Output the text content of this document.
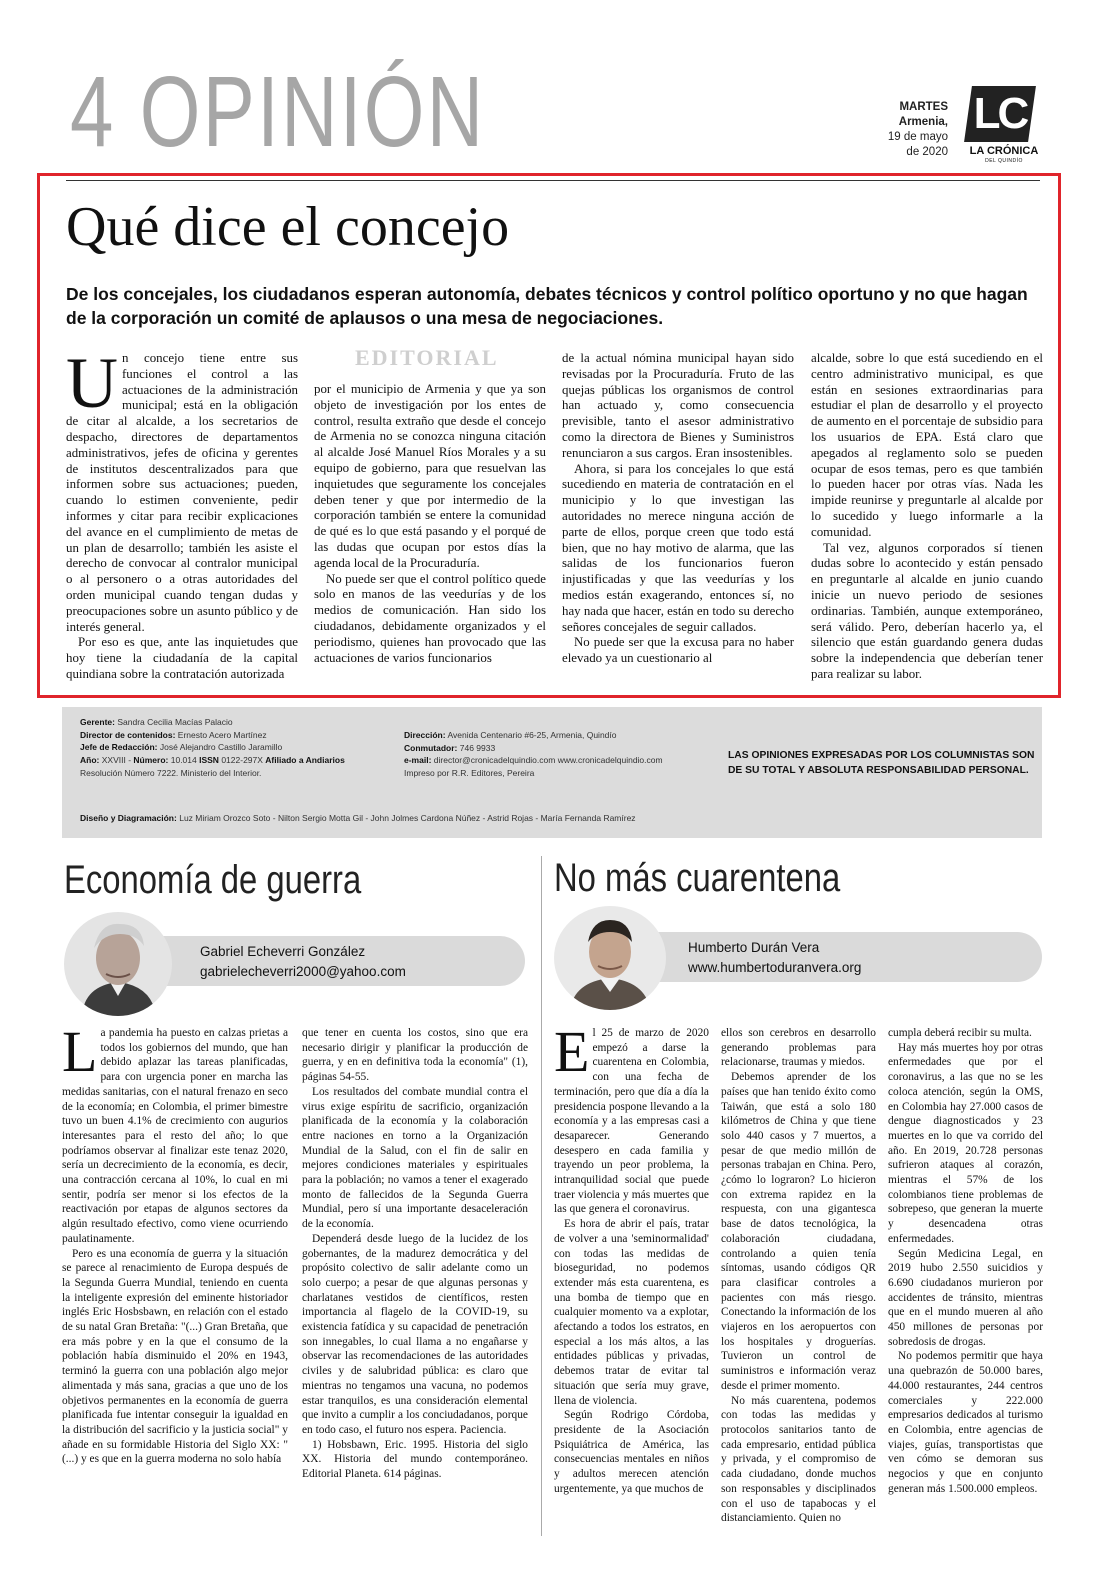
4 OPINIÓN	MARTES
Armenia,
19 de mayo
de 2020
LC
LA CRÓNICA
DEL QUINDÍO
Qué dice el concejo
De los concejales, los ciudadanos esperan autonomía, debates técnicos y control político oportuno y no que hagan de la corporación un comité de aplausos o una mesa de negociaciones.
EDITORIAL

Un concejo tiene entre sus funciones el control a las actuaciones de la administración municipal; está en la obligación de citar al alcalde, a los secretarios de despacho, directores de departamentos administrativos, jefes de oficina y gerentes de institutos descentralizados para que informen sobre sus actuaciones; pueden, cuando lo estimen conveniente, pedir informes y citar para recibir explicaciones del avance en el cumplimiento de metas de un plan de desarrollo; también les asiste el derecho de convocar al contralor municipal o al personero o a otras autoridades del orden municipal cuando tengan dudas y preocupaciones sobre un asunto público y de interés general.

Por eso es que, ante las inquietudes que hoy tiene la ciudadanía de la capital quindiana sobre la contratación autorizada

por el municipio de Armenia y que ya son objeto de investigación por los entes de control, resulta extraño que desde el concejo de Armenia no se conozca ninguna citación al alcalde José Manuel Ríos Morales y a su equipo de gobierno, para que resuelvan las inquietudes que seguramente los concejales deben tener y que por intermedio de la corporación también se entere la comunidad de qué es lo que está pasando y el porqué de las dudas que ocupan por estos días la agenda local de la Procuraduría.

No puede ser que el control político quede solo en manos de las veedurías y de los medios de comunicación. Han sido los ciudadanos, debidamente organizados y el periodismo, quienes han provocado que las actuaciones de varios funcionarios

de la actual nómina municipal hayan sido revisadas por la Procuraduría. Fruto de las quejas públicas los organismos de control han actuado y, como consecuencia previsible, tanto el asesor administrativo como la directora de Bienes y Suministros renunciaron a sus cargos. Eran insostenibles.

Ahora, si para los concejales lo que está sucediendo en materia de contratación en el municipio y lo que investigan las autoridades no merece ninguna acción de parte de ellos, porque creen que todo está bien, que no hay motivo de alarma, que las salidas de los funcionarios fueron injustificadas y que las veedurías y los medios están exagerando, entonces sí, no hay nada que hacer, están en todo su derecho señores concejales de seguir callados.

No puede ser que la excusa para no haber elevado ya un cuestionario al

alcalde, sobre lo que está sucediendo en el centro administrativo municipal, es que están en sesiones extraordinarias para estudiar el plan de desarrollo y el proyecto de aumento en el porcentaje de subsidio para los usuarios de EPA. Está claro que apegados al reglamento solo se pueden ocupar de esos temas, pero es que también lo pueden hacer por otras vías. Nada les impide reunirse y preguntarle al alcalde por lo sucedido y luego informarle a la comunidad.

Tal vez, algunos corporados sí tienen dudas sobre lo acontecido y están pensado en preguntarle al alcalde en junio cuando inicie un nuevo periodo de sesiones ordinarias. También, aunque extemporáneo, será válido. Pero, deberían hacerlo ya, el silencio que están guardando genera dudas sobre la independencia que deberían tener para realizar su labor.

Gerente: Sandra Cecilia Macías Palacio
Director de contenidos: Ernesto Acero Martínez
Jefe de Redacción: José Alejandro Castillo Jaramillo
Año: XXVIII - Número: 10.014 ISSN 0122-297X Afiliado a Andiarios
Resolución Número 7222. Ministerio del Interior.
Dirección: Avenida Centenario #6-25, Armenia, Quindío
Conmutador: 746 9933
e-mail: director@cronicadelquindio.com www.cronicadelquindio.com
Impreso por R.R. Editores, Pereira
LAS OPINIONES EXPRESADAS POR LOS COLUMNISTAS SON
DE SU TOTAL Y ABSOLUTA RESPONSABILIDAD PERSONAL.
Diseño y Diagramación: Luz Miriam Orozco Soto - Nilton Sergio Motta Gil - John Jolmes Cardona Núñez - Astrid Rojas - María Fernanda Ramírez
Economía de guerra
Gabriel Echeverri González
gabrielecheverri2000@yahoo.com

La pandemia ha puesto en calzas prietas a todos los gobiernos del mundo, que han debido aplazar las tareas planificadas, para con urgencia poner en marcha las medidas sanitarias, con el natural frenazo en seco de la economía; en Colombia, el primer bimestre tuvo un buen 4.1% de crecimiento con augurios interesantes para el resto del año; lo que podríamos observar al finalizar este tenaz 2020, sería un decrecimiento de la economía, es decir, una contracción cercana al 10%, lo cual en mi sentir, podría ser menor si los efectos de la reactivación por etapas de algunos sectores da algún resultado efectivo, como viene ocurriendo paulatinamente.

Pero es una economía de guerra y la situación se parece al renacimiento de Europa después de la Segunda Guerra Mundial, teniendo en cuenta la inteligente expresión del eminente historiador inglés Eric Hosbsbawn, en relación con el estado de su natal Gran Bretaña: "(...) Gran Bretaña, que era más pobre y en la que el consumo de la población había disminuido el 20% en 1943, terminó la guerra con una población algo mejor alimentada y más sana, gracias a que uno de los objetivos permanentes en la economía de guerra planificada fue intentar conseguir la igualdad en la distribución del sacrificio y la justicia social" y añade en su formidable Historia del Siglo XX: "(...) y es que en la guerra moderna no solo había

que tener en cuenta los costos, sino que era necesario dirigir y planificar la producción de guerra, y en en definitiva toda la economía" (1), páginas 54-55.

Los resultados del combate mundial contra el virus exige espíritu de sacrificio, organización planificada de la economía y la colaboración entre naciones en torno a la Organización Mundial de la Salud, con el fin de salir en mejores condiciones materiales y espirituales para la población; no vamos a tener el exagerado monto de fallecidos de la Segunda Guerra Mundial, pero sí una importante desaceleración de la economía.

Dependerá desde luego de la lucidez de los gobernantes, de la madurez democrática y del propósito colectivo de salir adelante como un solo cuerpo; a pesar de que algunas personas y charlatanes vestidos de científicos, resten importancia al flagelo de la COVID-19, su existencia fatídica y su capacidad de penetración son innegables, lo cual llama a no engañarse y observar las recomendaciones de las autoridades civiles y de salubridad pública: es claro que mientras no tengamos una vacuna, no podemos estar tranquilos, es una consideración elemental que invito a cumplir a los conciudadanos, porque en todo caso, el futuro nos espera. Paciencia.

1) Hobsbawn, Eric. 1995. Historia del siglo XX. Historia del mundo contemporáneo. Editorial Planeta. 614 páginas.

No más cuarentena
Humberto Durán Vera
www.humbertoduranvera.org

El 25 de marzo de 2020 empezó a darse la cuarentena en Colombia, con una fecha de terminación, pero que día a día la presidencia pospone llevando a la economía y a las empresas casi a desaparecer. Generando desespero en cada familia y trayendo un peor problema, la intranquilidad social que puede traer violencia y más muertes que las que genera el coronavirus.

Es hora de abrir el país, tratar de volver a una 'seminormalidad' con todas las medidas de bioseguridad, no podemos extender más esta cuarentena, es una bomba de tiempo que en cualquier momento va a explotar, afectando a todos los estratos, en especial a los más altos, a las entidades públicas y privadas, debemos tratar de evitar tal situación que sería muy grave, llena de violencia.

Según Rodrigo Córdoba, presidente de la Asociación Psiquiátrica de América, las consecuencias mentales en niños y adultos merecen atención urgentemente, ya que muchos de

ellos son cerebros en desarrollo generando problemas para relacionarse, traumas y miedos.

Debemos aprender de los países que han tenido éxito como Taiwán, que está a solo 180 kilómetros de China y que tiene solo 440 casos y 7 muertos, a pesar de que medio millón de personas trabajan en China. Pero, ¿cómo lo lograron? Lo hicieron con extrema rapidez en la respuesta, con una gigantesca base de datos tecnológica, la colaboración ciudadana, controlando a quien tenía síntomas, usando códigos QR para clasificar controles a pacientes con más riesgo. Conectando la información de los viajeros en los aeropuertos con los hospitales y droguerías. Tuvieron un control de suministros e información veraz desde el primer momento.

No más cuarentena, podemos con todas las medidas y protocolos sanitarios tanto de cada empresario, entidad pública y privada, y el compromiso de cada ciudadano, donde muchos son responsables y disciplinados con el uso de tapabocas y el distanciamiento. Quien no

cumpla deberá recibir su multa.

Hay más muertes hoy por otras enfermedades que por el coronavirus, a las que no se les coloca atención, según la OMS, en Colombia hay 27.000 casos de dengue diagnosticados y 23 muertes en lo que va corrido del año. En 2019, 20.728 personas sufrieron ataques al corazón, mientras el 57% de los colombianos tiene problemas de sobrepeso, que generan la muerte y desencadena otras enfermedades.

Según Medicina Legal, en 2019 hubo 2.550 suicidios y 6.690 ciudadanos murieron por accidentes de tránsito, mientras que en el mundo mueren al año 450 millones de personas por sobredosis de drogas.

No podemos permitir que haya una quebrazón de 50.000 bares, 44.000 restaurantes, 244 centros comerciales y 222.000 empresarios dedicados al turismo en Colombia, entre agencias de viajes, guías, transportistas que ven cómo se demoran sus negocios y que en conjunto generan más 1.500.000 empleos.
